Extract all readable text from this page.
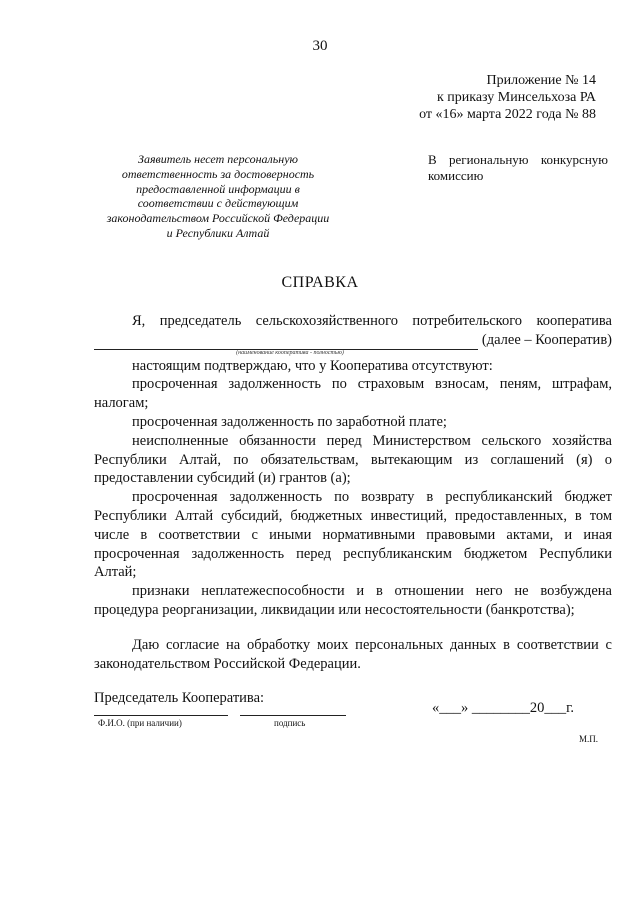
30
Приложение № 14
к приказу Минсельхоза РА
от «16» марта 2022 года № 88
Заявитель несет персональную
ответственность за достоверность
предоставленной информации в
соответствии с действующим
законодательством Российской Федерации
и Республики Алтай
В региональную конкурсную
комиссию
СПРАВКА
Я, председатель сельскохозяйственного потребительского кооператива
(далее – Кооператив)
(наименование кооператива - полностью)

настоящим подтверждаю, что у Кооператива отсутствуют:

просроченная задолженность по страховым взносам, пеням, штрафам, налогам;

просроченная задолженность по заработной плате;

неисполненные обязанности перед Министерством сельского хозяйства Республики Алтай, по обязательствам, вытекающим из соглашений (я) о предоставлении субсидий (и) грантов (а);

просроченная задолженность по возврату в республиканский бюджет Республики Алтай субсидий, бюджетных инвестиций, предоставленных, в том числе в соответствии с иными нормативными правовыми актами, и иная просроченная задолженность перед республиканским бюджетом Республики Алтай;

признаки неплатежеспособности и в отношении него не возбуждена процедура реорганизации, ликвидации или несостоятельности (банкротства);

Даю согласие на обработку моих персональных данных в соответствии с законодательством Российской Федерации.

Председатель Кооператива:

Ф.И.О. (при наличии)	подпись
«___» ________20___г.
М.П.
